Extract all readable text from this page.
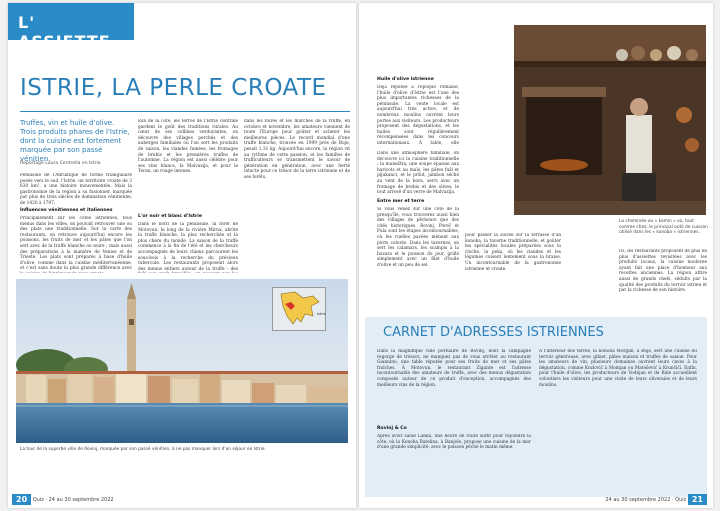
L' ASSIETTE
ISTRIE, LA PERLE CROATE
Truffes, vin et huile d'olive. Trois produits phares de l'Istrie, dont la cuisine est fortement marquée par son passé vénitien.
Reportage Laura Centrella en Istrie
Péninsule de l'Adriatique de forme triangulaire posée vers le sud, l'Istrie, un territoire croate de 3 630 km², a une histoire mouvementée. Mais la gastronomie de la région a su fusionner, marquée par plus de trois siècles de domination vénitienne, de 1420 à 1797.
Influences vénitiennes et italiennes
Principalement sur les côtes istriennes, tous menus dans les villes, on pouvait retrouver une ou des plats une traditionnelle. Sur la carte des restaurants, on retrouve aujourd'hui encore les poissons, les fruits de mer et les pâtes que l'on sert avec de la truffe blanche ou noire ; mais aussi des préparations à la manière de Venise et de Trieste. Les plats sont préparés à base d'huile d'olive, comme dans la cuisine méditerranéenne, et c'est sans doute la plus grande différence avec
loin de la côte, les terres de l'Istrie centrale gardent le goût des traditions rurales. Au cœur de ses collines verdoyantes, on découvre des villages perchés et des auberges familiales où l'on sert les produits de saison, les viandes fumées, les fromages de brebis et les premières truffes de l'automne. La région est aussi célèbre pour ses vins blancs, la Malvazija, et pour le Teran, un rouge intense.
L'or noir et blanc d'Istrie
Dans le nord de la péninsule, la forêt de Motovun, le long de la rivière Mirna, abrite la truffe blanche, la plus recherchée et la plus chère du monde. La saison de la truffe commence à la fin de l'été et les chercheurs accompagnés de leurs chiens parcourent les sous-bois à la recherche du précieux tubercule. Les restaurants proposent alors des menus entiers autour de la truffe : des
dans les foires et les marchés de la truffe, en octobre et novembre, les amateurs viennent de toute l'Europe pour goûter et acheter les meilleures pièces. Le record mondial d'une truffe blanche, trouvée en 1999 près de Buje, pesait 1,31 kg. Aujourd'hui encore, la région vit au rythme de cette passion, et les familles de trufficulteurs se transmettent le savoir de génération en génération, avec une fierté intacte pour ce trésor de la terre istrienne et de ses forêts.
Istrie
La tour de la superbe ville de Rovinj, marquée par son passé vénitien, à ne pas manquer lors d'un séjour en Istrie.
20 Quiz · 24 au 30 septembre 2022
Huile d'olive istrienne
Déjà réputée à l'époque romaine, l'huile d'olive d'Istrie est l'une des plus importantes richesses de la péninsule. La vente locale est aujourd'hui très active, et de nombreux moulins ouvrent leurs portes aux visiteurs. Les producteurs proposent des dégustations, et les huiles sont régulièrement récompensées dans les concours internationaux. À table, elle
Dans une atmosphère familiale, on découvre ici la cuisine traditionnelle : la maneštra, une soupe épaisse aux haricots et au maïs, les pâtes fuži et pljukanci, et le pršut, jambon séché au vent de la bora, servi avec un fromage de brebis et des olives, le tout arrosé d'un verre de Malvazija.
Entre mer et terre
Si vous venez sur une côte de la presqu'île, vous trouverez aussi bien des villages de pêcheurs que des cités historiques. Rovinj, Poreč et Pula sont les étapes incontournables, où les ruelles pavées mènent aux ports colorés. Dans les tavernes, on sert les calamars, les scampis à la buzara et le poisson du jour, grillé simplement avec un filet d'huile d'olive et un peu de sel.
pour passer la soirée sur la terrasse d'un konoba, la taverne traditionnelle, et goûter les spécialités locales préparées sous la cloche, la peka, où les viandes et les légumes cuisent lentement sous la braise. Un incontournable de la gastronomie istrienne et croate.
La cheminée ou « kamin » où, tout comme chez, le principal outil de cuisson utilisé dans les « konoba » istriennes.
Ici, les restaurants proposent de plus en plus d'assiettes revisitées avec les produits locaux, la cuisine moderne ayant fait une place d'honneur aux recettes anciennes. La région attire aussi de grands chefs, séduits par la qualité des produits du terroir istrien et par la richesse de son histoire.
CARNET D'ADRESSES ISTRIENNES
Dans la magnifique ville portuaire de Rovinj, dont la campagne regorge de trésors, ne manquez pas de vous arrêter au restaurant Giannino, une table réputée pour ses fruits de mer et ses pâtes fraîches. À Motovun, le restaurant Zigante est l'adresse incontournable des amateurs de truffe, avec des menus dégustation composés autour de ce produit d'exception, accompagnés des meilleurs vins de la région.
Rovinj & Co
Après avoir salué Lanka, une heure de route suffit pour rejoindre la côte, où la Konoba Batelina, à Banjole, propose une cuisine de la mer d'une grande simplicité, avec le poisson pêché le matin même.
À l'intérieur des terres, la konoba Morgan, à Buje, sert une cuisine du terroir généreuse, avec gibier, pâtes maison et truffes de saison. Pour les amateurs de vin, plusieurs domaines ouvrent leurs caves à la dégustation, comme Kozlović à Momjan ou Matošević à Krunčići. Enfin, pour l'huile d'olive, les producteurs de Vodnjan et de Bale accueillent volontiers les visiteurs pour une visite de leurs oliveraies et de leurs moulins.
24 au 30 septembre 2022 · Quiz 21
